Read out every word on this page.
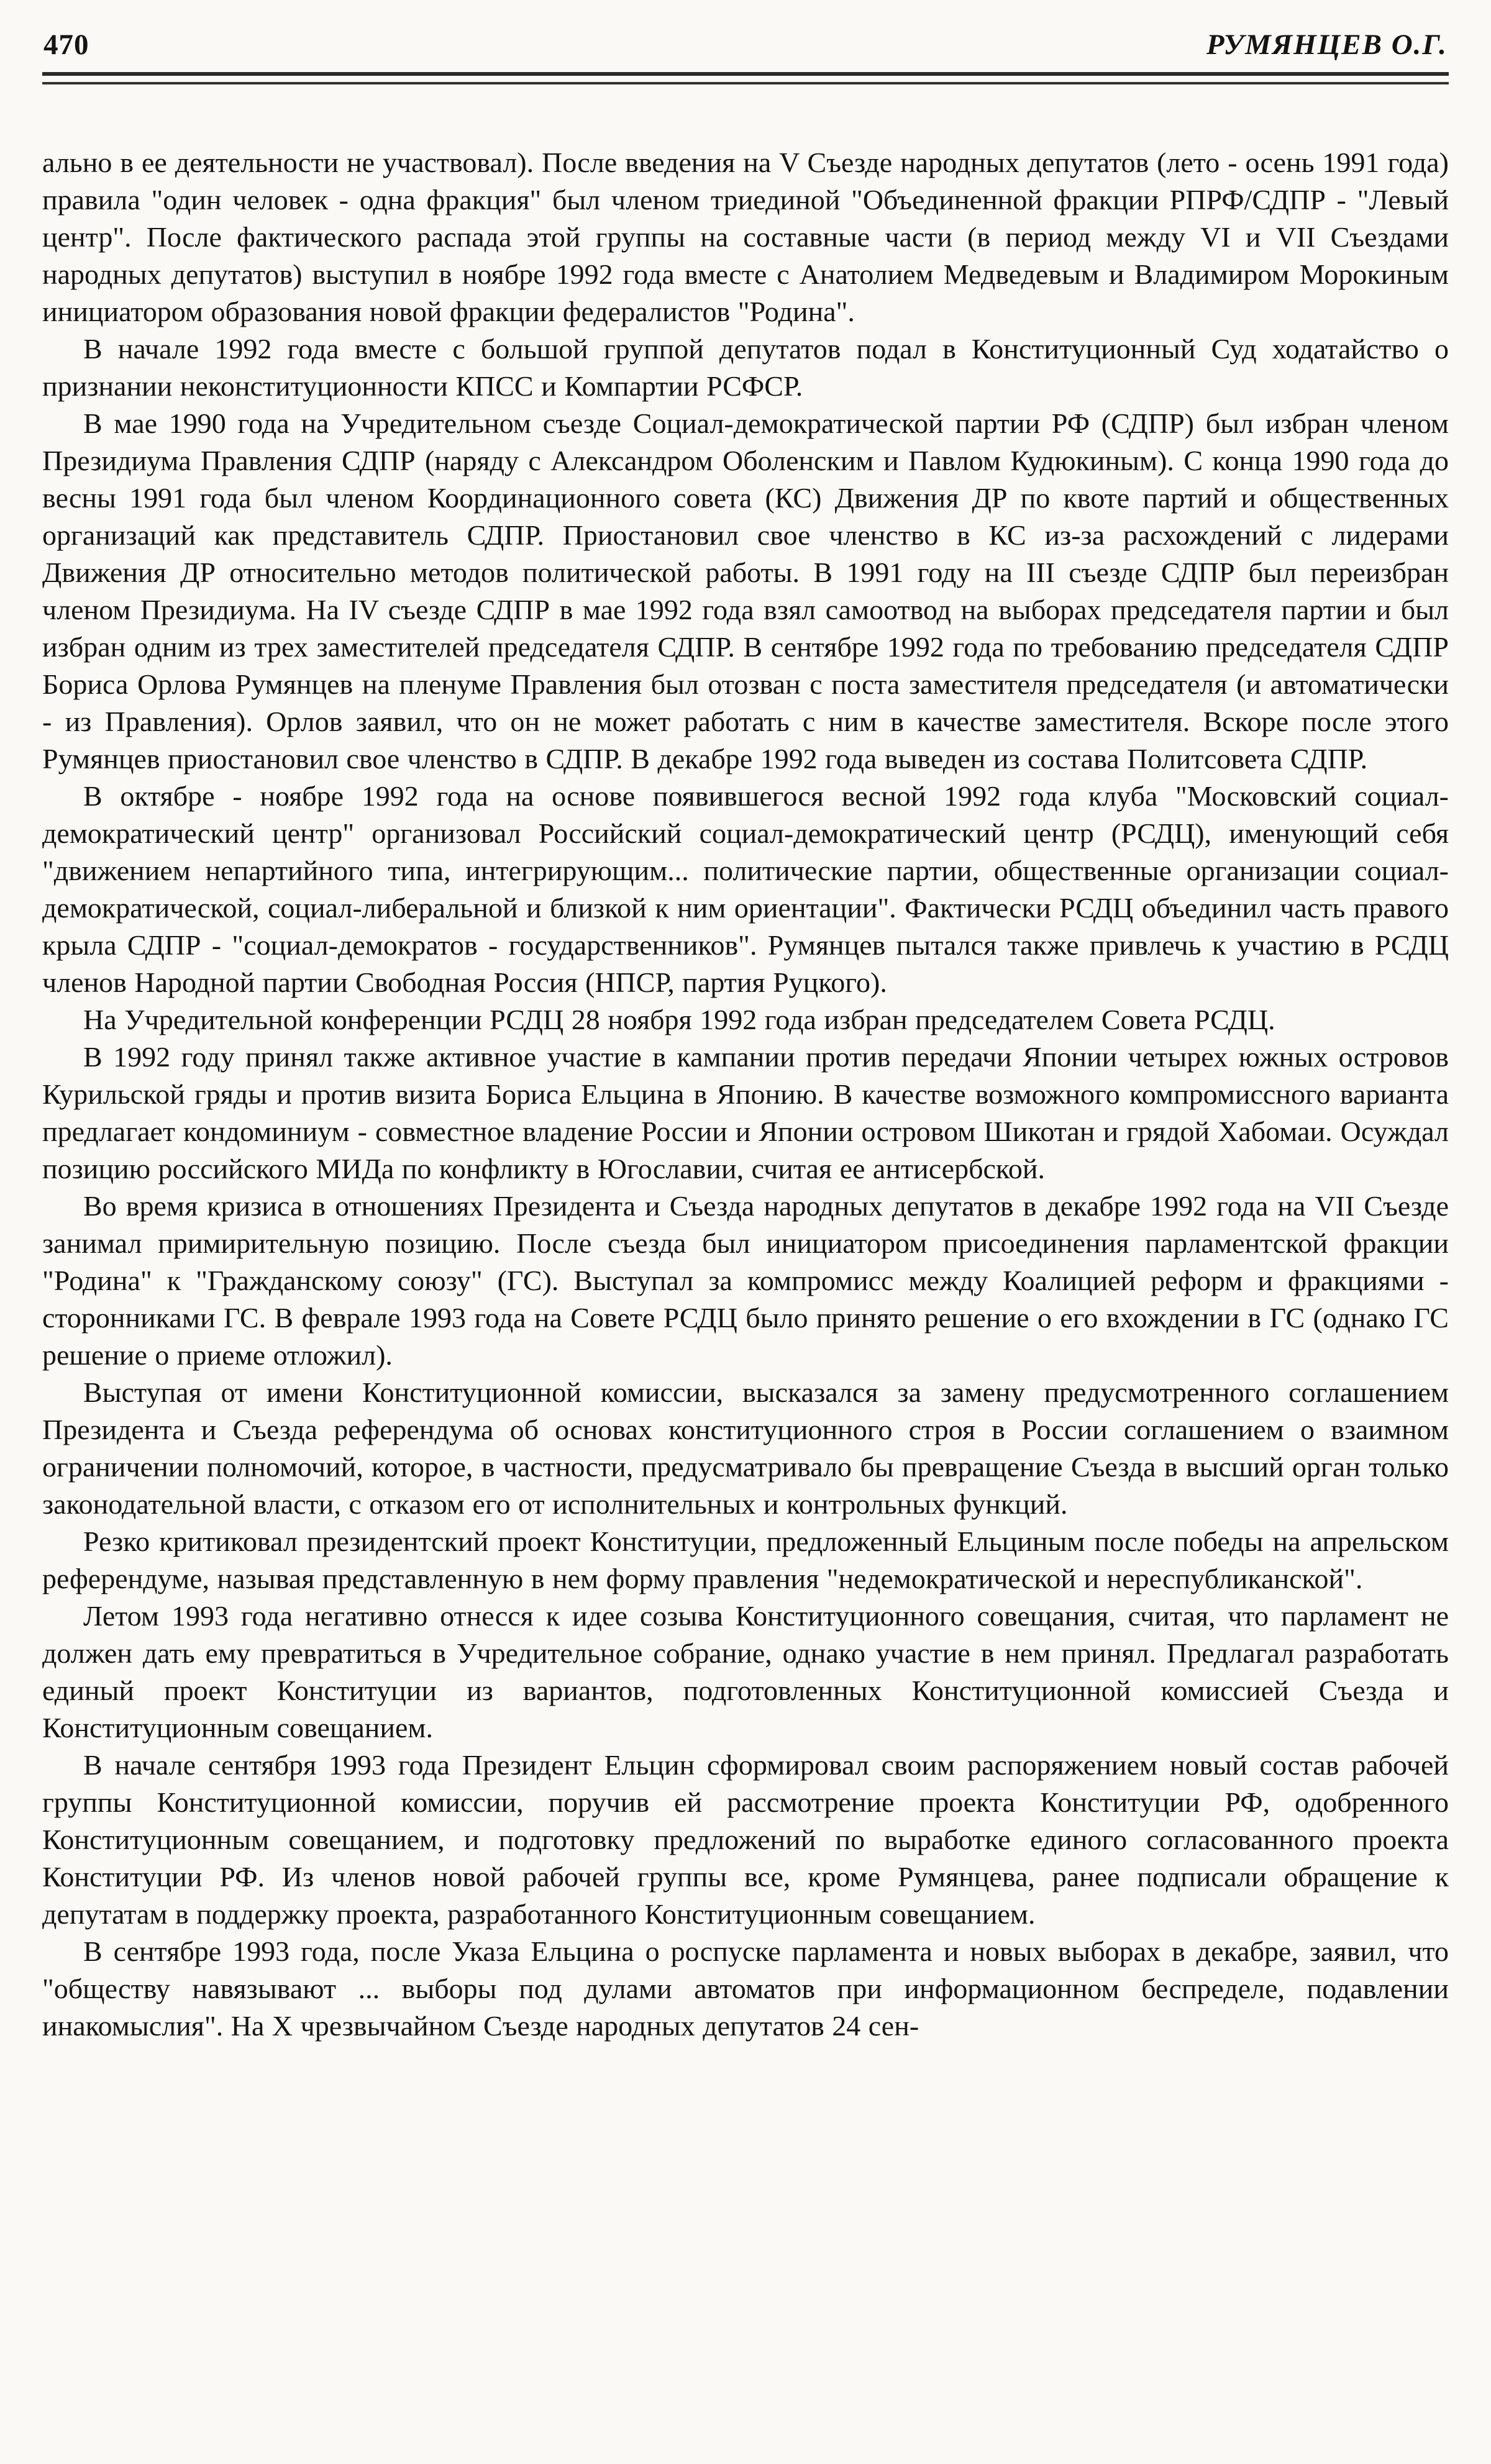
470	РУМЯНЦЕВ О.Г.

ально в ее деятельности не участвовал). После введения на V Съезде народных депутатов (лето - осень 1991 года) правила "один человек - одна фракция" был членом триединой "Объединенной фракции РПРФ/СДПР - "Левый центр". После фактического распада этой группы на составные части (в период между VI и VII Съездами народных депутатов) выступил в ноябре 1992 года вместе с Анатолием Медведевым и Владимиром Морокиным инициатором образования новой фракции федералистов "Родина".

В начале 1992 года вместе с большой группой депутатов подал в Конституционный Суд ходатайство о признании неконституционности КПСС и Компартии РСФСР.

В мае 1990 года на Учредительном съезде Социал-демократической партии РФ (СДПР) был избран членом Президиума Правления СДПР (наряду с Александром Оболенским и Павлом Кудюкиным). С конца 1990 года до весны 1991 года был членом Координационного совета (КС) Движения ДР по квоте партий и общественных организаций как представитель СДПР. Приостановил свое членство в КС из-за расхождений с лидерами Движения ДР относительно методов политической работы. В 1991 году на III съезде СДПР был переизбран членом Президиума. На IV съезде СДПР в мае 1992 года взял самоотвод на выборах председателя партии и был избран одним из трех заместителей председателя СДПР. В сентябре 1992 года по требованию председателя СДПР Бориса Орлова Румянцев на пленуме Правления был отозван с поста заместителя председателя (и автоматически - из Правления). Орлов заявил, что он не может работать с ним в качестве заместителя. Вскоре после этого Румянцев приостановил свое членство в СДПР. В декабре 1992 года выведен из состава Политсовета СДПР.

В октябре - ноябре 1992 года на основе появившегося весной 1992 года клуба "Московский социал-демократический центр" организовал Российский социал-демократический центр (РСДЦ), именующий себя "движением непартийного типа, интегрирующим... политические партии, общественные организации социал-демократической, социал-либеральной и близкой к ним ориентации". Фактически РСДЦ объединил часть правого крыла СДПР - "социал-демократов - государственников". Румянцев пытался также привлечь к участию в РСДЦ членов Народной партии Свободная Россия (НПСР, партия Руцкого).

На Учредительной конференции РСДЦ 28 ноября 1992 года избран председателем Совета РСДЦ.

В 1992 году принял также активное участие в кампании против передачи Японии четырех южных островов Курильской гряды и против визита Бориса Ельцина в Японию. В качестве возможного компромиссного варианта предлагает кондоминиум - совместное владение России и Японии островом Шикотан и грядой Хабомаи. Осуждал позицию российского МИДа по конфликту в Югославии, считая ее антисербской.

Во время кризиса в отношениях Президента и Съезда народных депутатов в декабре 1992 года на VII Съезде занимал примирительную позицию. После съезда был инициатором присоединения парламентской фракции "Родина" к "Гражданскому союзу" (ГС). Выступал за компромисс между Коалицией реформ и фракциями - сторонниками ГС. В феврале 1993 года на Совете РСДЦ было принято решение о его вхождении в ГС (однако ГС решение о приеме отложил).

Выступая от имени Конституционной комиссии, высказался за замену предусмотренного соглашением Президента и Съезда референдума об основах конституционного строя в России соглашением о взаимном ограничении полномочий, которое, в частности, предусматривало бы превращение Съезда в высший орган только законодательной власти, с отказом его от исполнительных и контрольных функций.

Резко критиковал президентский проект Конституции, предложенный Ельциным после победы на апрельском референдуме, называя представленную в нем форму правления "недемократической и нереспубликанской".

Летом 1993 года негативно отнесся к идее созыва Конституционного совещания, считая, что парламент не должен дать ему превратиться в Учредительное собрание, однако участие в нем принял. Предлагал разработать единый проект Конституции из вариантов, подготовленных Конституционной комиссией Съезда и Конституционным совещанием.

В начале сентября 1993 года Президент Ельцин сформировал своим распоряжением новый состав рабочей группы Конституционной комиссии, поручив ей рассмотрение проекта Конституции РФ, одобренного Конституционным совещанием, и подготовку предложений по выработке единого согласованного проекта Конституции РФ. Из членов новой рабочей группы все, кроме Румянцева, ранее подписали обращение к депутатам в поддержку проекта, разработанного Конституционным совещанием.

В сентябре 1993 года, после Указа Ельцина о роспуске парламента и новых выборах в декабре, заявил, что "обществу навязывают ... выборы под дулами автоматов при информационном беспределе, подавлении инакомыслия". На X чрезвычайном Съезде народных депутатов 24 сен-
